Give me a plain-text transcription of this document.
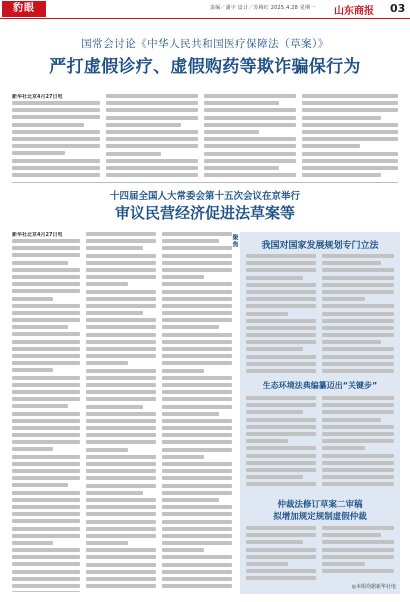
豹眼	责编／潘宇 设计／苏梅红 2025.4.28 星期一 山东商报 03
国常会讨论《中华人民共和国医疗保障法（草案）》
严打虚假诊疗、虚假购药等欺诈骗保行为
新华社北京4月27日电
十四届全国人大常委会第十五次会议在京举行
审议民营经济促进法草案等
新华社北京4月27日电	聚焦	我国对国家发展规划专门立法
生态环境法典编纂迈出“关键步”
仲裁法修订草案二审稿
拟增加规定规制虚假仲裁
◎本组均据新华社电
